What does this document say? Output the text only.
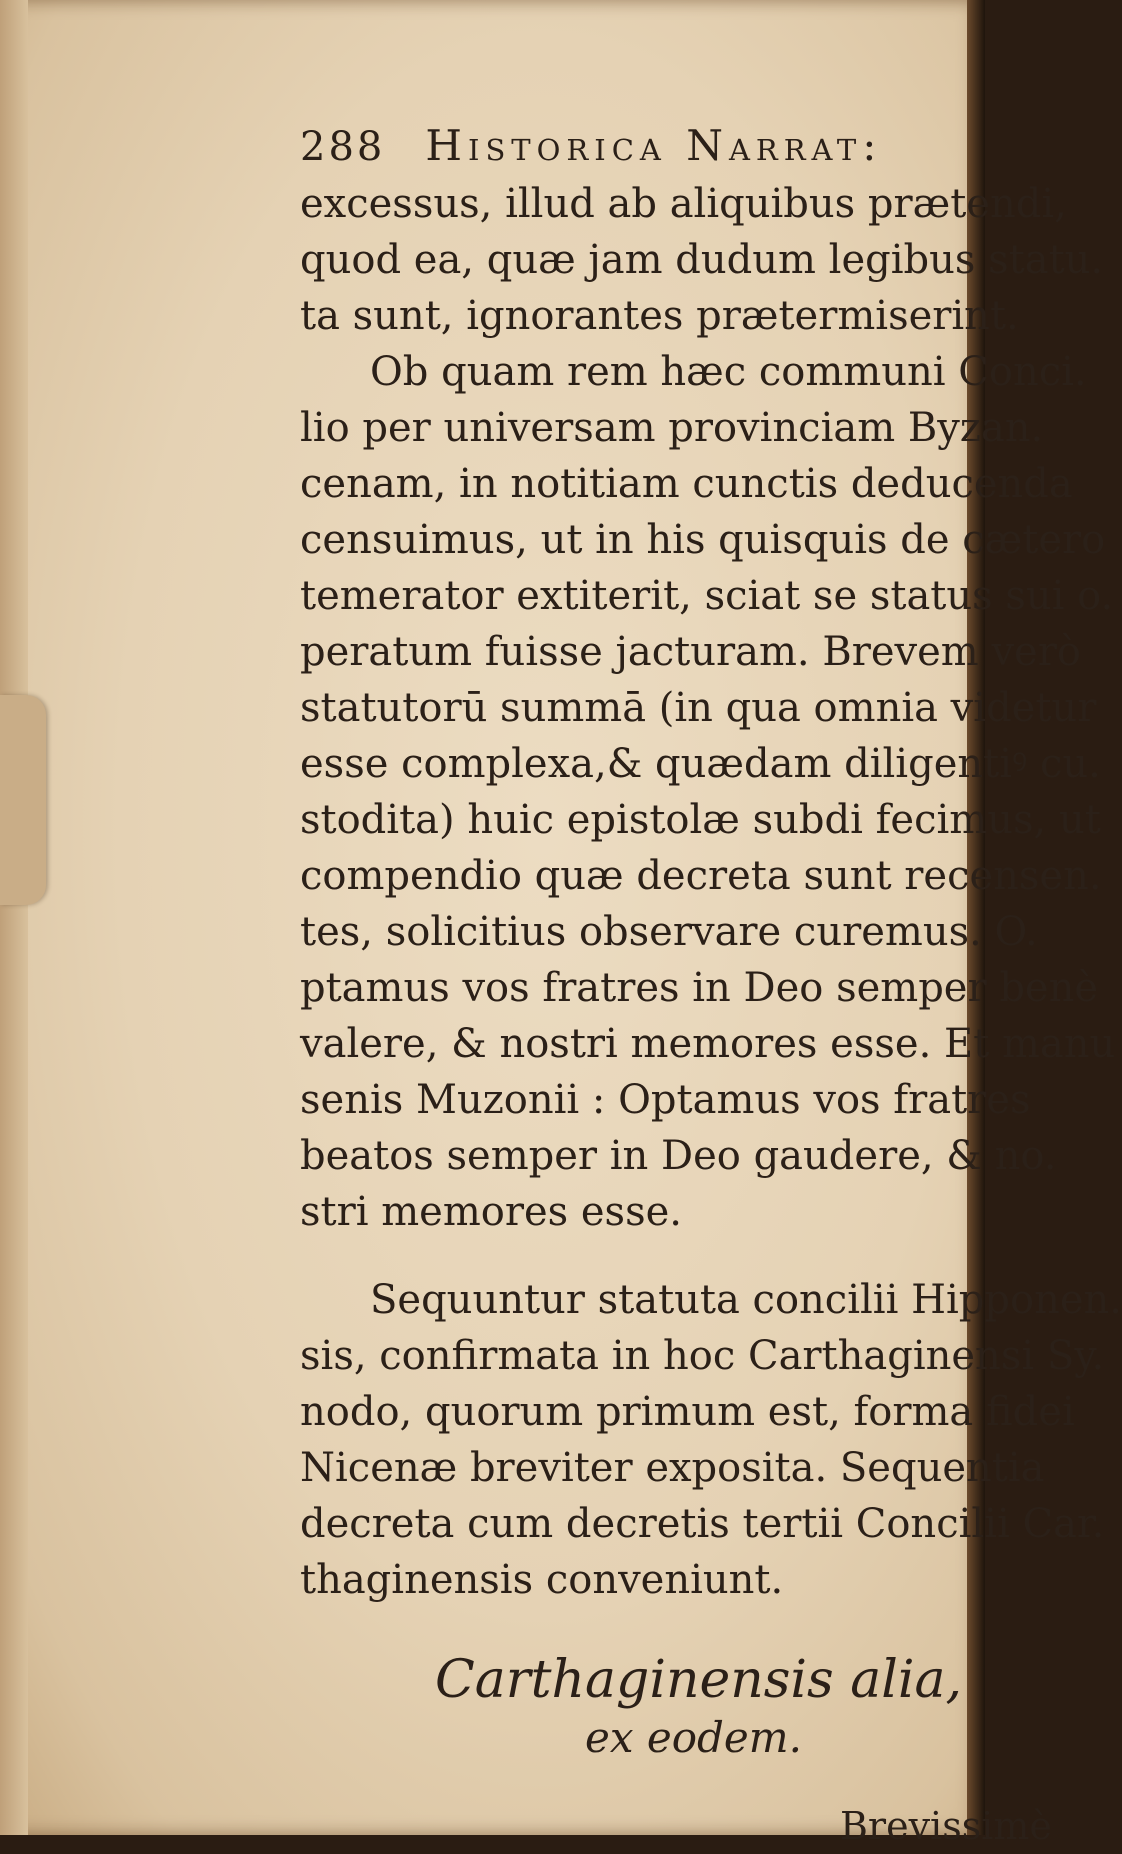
288 Historica Narrat:
excessus, illud ab aliquibus prætendi,
quod ea, quæ jam dudum legibus statu.
ta sunt, ignorantes prætermiserint.
Ob quam rem hæc communi Conci.
lio per universam provinciam Byzan.
cenam, in notitiam cunctis deducenda
censuimus, ut in his quisquis de cætero
temerator extiterit, sciat se status sui o.
peratum fuisse jacturam. Brevem verò
statutorū summā (in qua omnia videtur
esse complexa,& quædam diligentiꝰ cu.
stodita) huic epistolæ subdi fecimus, ut
compendio quæ decreta sunt recensen.
tes, solicitius observare curemus. O.
ptamus vos fratres in Deo semper benè
valere, & nostri memores esse. Et manu
senis Muzonii : Optamus vos fratres
beatos semper in Deo gaudere, & no.
stri memores esse.
Sequuntur statuta concilii Hipponen.
sis, confirmata in hoc Carthaginensi Sy.
nodo, quorum primum est, forma fidei
Nicenæ breviter exposita. Sequentia
decreta cum decretis tertii Concilii Car.
thaginensis conveniunt.
Carthaginensis alia,
ex eodem.
Brevissimè
